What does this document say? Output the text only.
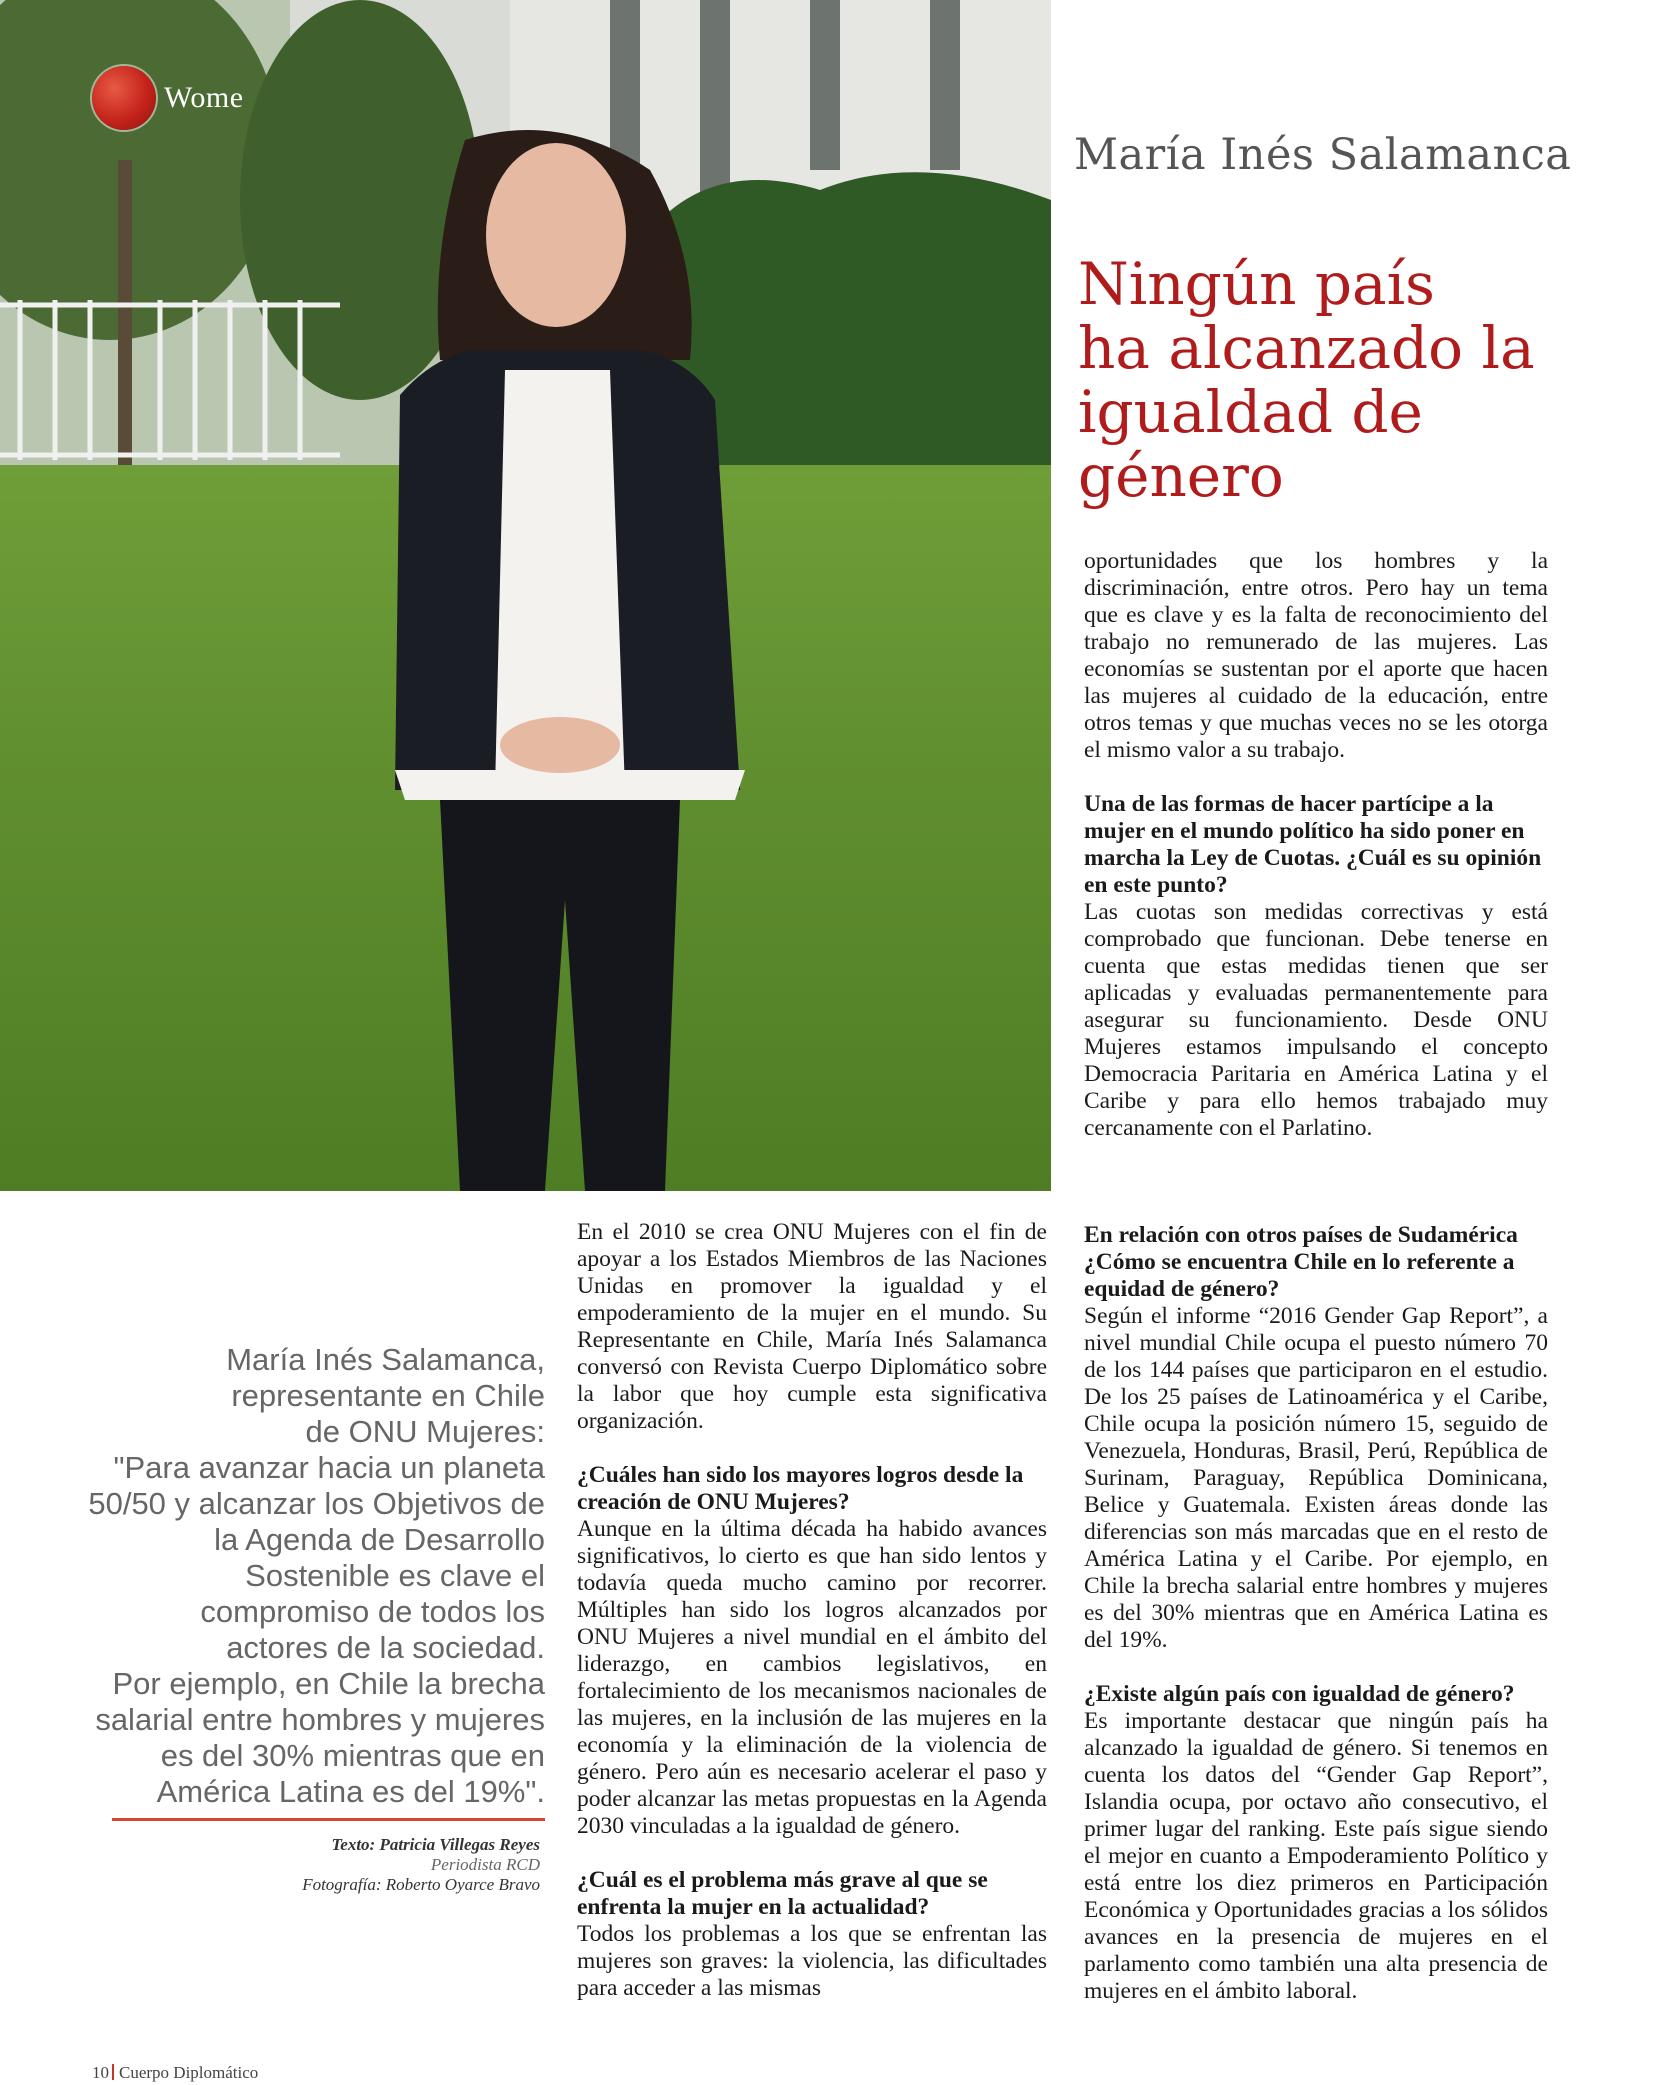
Wome
María Inés Salamanca
Ningún país
ha alcanzado la
igualdad de
género

oportunidades que los hombres y la discriminación, entre otros. Pero hay un tema que es clave y es la falta de reconocimiento del trabajo no remunerado de las mujeres. Las economías se sustentan por el aporte que hacen las mujeres al cuidado de la educación, entre otros temas y que muchas veces no se les otorga el mismo valor a su trabajo.

Una de las formas de hacer partícipe a la mujer en el mundo político ha sido poner en marcha la Ley de Cuotas. ¿Cuál es su opinión en este punto?

Las cuotas son medidas correctivas y está comprobado que funcionan. Debe tenerse en cuenta que estas medidas tienen que ser aplicadas y evaluadas permanentemente para asegurar su funcionamiento. Desde ONU Mujeres estamos impulsando el concepto Democracia Paritaria en América Latina y el Caribe y para ello hemos trabajado muy cercanamente con el Parlatino.

María Inés Salamanca,
representante en Chile
de ONU Mujeres:
"Para avanzar hacia un planeta
50/50 y alcanzar los Objetivos de
la Agenda de Desarrollo
Sostenible es clave el
compromiso de todos los
actores de la sociedad.
Por ejemplo, en Chile la brecha
salarial entre hombres y mujeres
es del 30% mientras que en
América Latina es del 19%".
Texto: Patricia Villegas Reyes
Periodista RCD
Fotografía: Roberto Oyarce Bravo

En el 2010 se crea ONU Mujeres con el fin de apoyar a los Estados Miembros de las Naciones Unidas en promover la igualdad y el empoderamiento de la mujer en el mundo. Su Representante en Chile, María Inés Salamanca conversó con Revista Cuerpo Diplomático sobre la labor que hoy cumple esta significativa organización.

¿Cuáles han sido los mayores logros desde la creación de ONU Mujeres?

Aunque en la última década ha habido avances significativos, lo cierto es que han sido lentos y todavía queda mucho camino por recorrer. Múltiples han sido los logros alcanzados por ONU Mujeres a nivel mundial en el ámbito del liderazgo, en cambios legislativos, en fortalecimiento de los mecanismos nacionales de las mujeres, en la inclusión de las mujeres en la economía y la eliminación de la violencia de género. Pero aún es necesario acelerar el paso y poder alcanzar las metas propuestas en la Agenda 2030 vinculadas a la igualdad de género.

¿Cuál es el problema más grave al que se enfrenta la mujer en la actualidad?

Todos los problemas a los que se enfrentan las mujeres son graves: la violencia, las dificultades para acceder a las mismas

En relación con otros países de Sudamérica ¿Cómo se encuentra Chile en lo referente a equidad de género?

Según el informe “2016 Gender Gap Report”, a nivel mundial Chile ocupa el puesto número 70 de los 144 países que participaron en el estudio. De los 25 países de Latinoamérica y el Caribe, Chile ocupa la posición número 15, seguido de Venezuela, Honduras, Brasil, Perú, República de Surinam, Paraguay, República Dominicana, Belice y Guatemala. Existen áreas donde las diferencias son más marcadas que en el resto de América Latina y el Caribe. Por ejemplo, en Chile la brecha salarial entre hombres y mujeres es del 30% mientras que en América Latina es del 19%.

¿Existe algún país con igualdad de género?

Es importante destacar que ningún país ha alcanzado la igualdad de género. Si tenemos en cuenta los datos del “Gender Gap Report”, Islandia ocupa, por octavo año consecutivo, el primer lugar del ranking. Este país sigue siendo el mejor en cuanto a Empoderamiento Político y está entre los diez primeros en Participación Económica y Oportunidades gracias a los sólidos avances en la presencia de mujeres en el parlamento como también una alta presencia de mujeres en el ámbito laboral.

10 Cuerpo Diplomático
